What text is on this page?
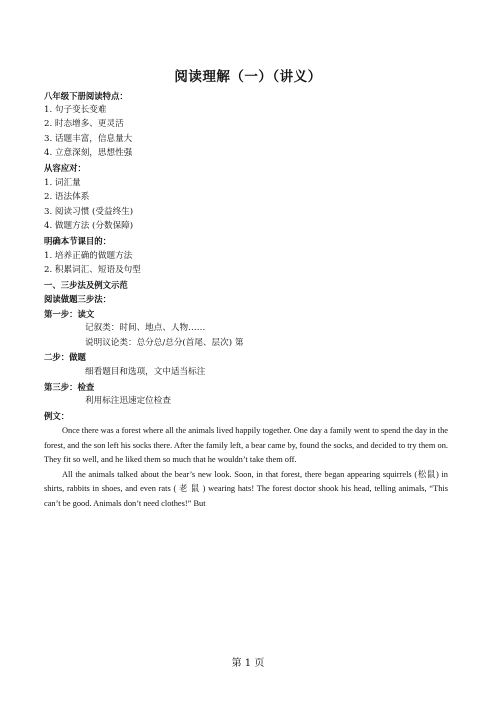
阅读理解（一）（讲义）
八年级下册阅读特点：
1. 句子变长变难
2. 时态增多、更灵活
3. 话题丰富，信息量大
4. 立意深刻，思想性强
从容应对：
1. 词汇量
2. 语法体系
3. 阅读习惯 (受益终生)
4. 做题方法 (分数保障)
明确本节课目的：
1. 培养正确的做题方法
2. 积累词汇、短语及句型
一、三步法及例文示范
阅读做题三步法：
第一步：读文
记叙类：时间、地点、人物……
说明议论类：总分总/总分(首尾、层次) 第
二步：做题
细看题目和选项，文中适当标注
第三步：检查
利用标注迅速定位检查
例文：

Once there was a forest where all the animals lived happily together. One day a family went to spend the day in the forest, and the son left his socks there. After the family left, a bear came by, found the socks, and decided to try them on. They fit so well, and he liked them so much that he wouldn’t take them off.

All the animals talked about the bear’s new look. Soon, in that forest, there began appearing squirrels (松鼠) in shirts, rabbits in shoes, and even rats ( 老 鼠 ) wearing hats! The forest doctor shook his head, telling animals, “This can’t be good. Animals don’t need clothes!” But

第 1 页
